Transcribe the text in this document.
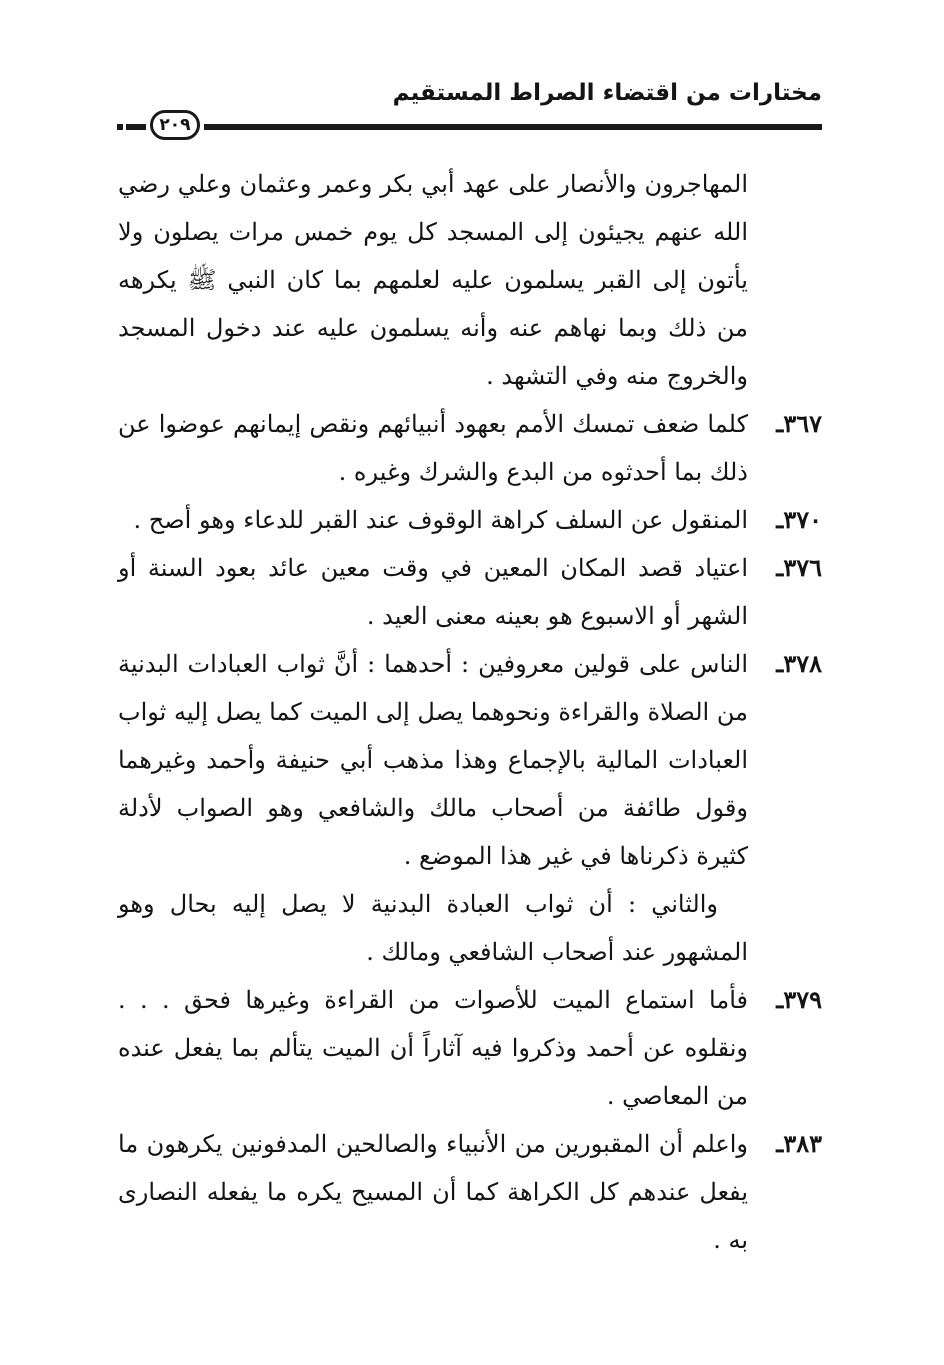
مختارات من اقتضاء الصراط المستقيم
٢٠٩

المهاجرون والأنصار على عهد أبي بكر وعمر وعثمان وعلي رضي الله عنهم يجيئون إلى المسجد كل يوم خمس مرات يصلون ولا يأتون إلى القبر يسلمون عليه لعلمهم بما كان النبي ﷺ يكرهه من ذلك وبما نهاهم عنه وأنه يسلمون عليه عند دخول المسجد والخروج منه وفي التشهد .

٣٦٧ـ
كلما ضعف تمسك الأمم بعهود أنبيائهم ونقص إيمانهم عوضوا عن ذلك بما أحدثوه من البدع والشرك وغيره .
٣٧٠ـ
المنقول عن السلف كراهة الوقوف عند القبر للدعاء وهو أصح .
٣٧٦ـ
اعتياد قصد المكان المعين في وقت معين عائد بعود السنة أو الشهر أو الاسبوع هو بعينه معنى العيد .
٣٧٨ـ
الناس على قولين معروفين : أحدهما : أنَّ ثواب العبادات البدنية من الصلاة والقراءة ونحوهما يصل إلى الميت كما يصل إليه ثواب العبادات المالية بالإجماع وهذا مذهب أبي حنيفة وأحمد وغيرهما وقول طائفة من أصحاب مالك والشافعي وهو الصواب لأدلة كثيرة ذكرناها في غير هذا الموضع .

والثاني : أن ثواب العبادة البدنية لا يصل إليه بحال وهو المشهور عند أصحاب الشافعي ومالك .

٣٧٩ـ
فأما استماع الميت للأصوات من القراءة وغيرها فحق . . . ونقلوه عن أحمد وذكروا فيه آثاراً أن الميت يتألم بما يفعل عنده من المعاصي .
٣٨٣ـ
واعلم أن المقبورين من الأنبياء والصالحين المدفونين يكرهون ما يفعل عندهم كل الكراهة كما أن المسيح يكره ما يفعله النصارى به .
